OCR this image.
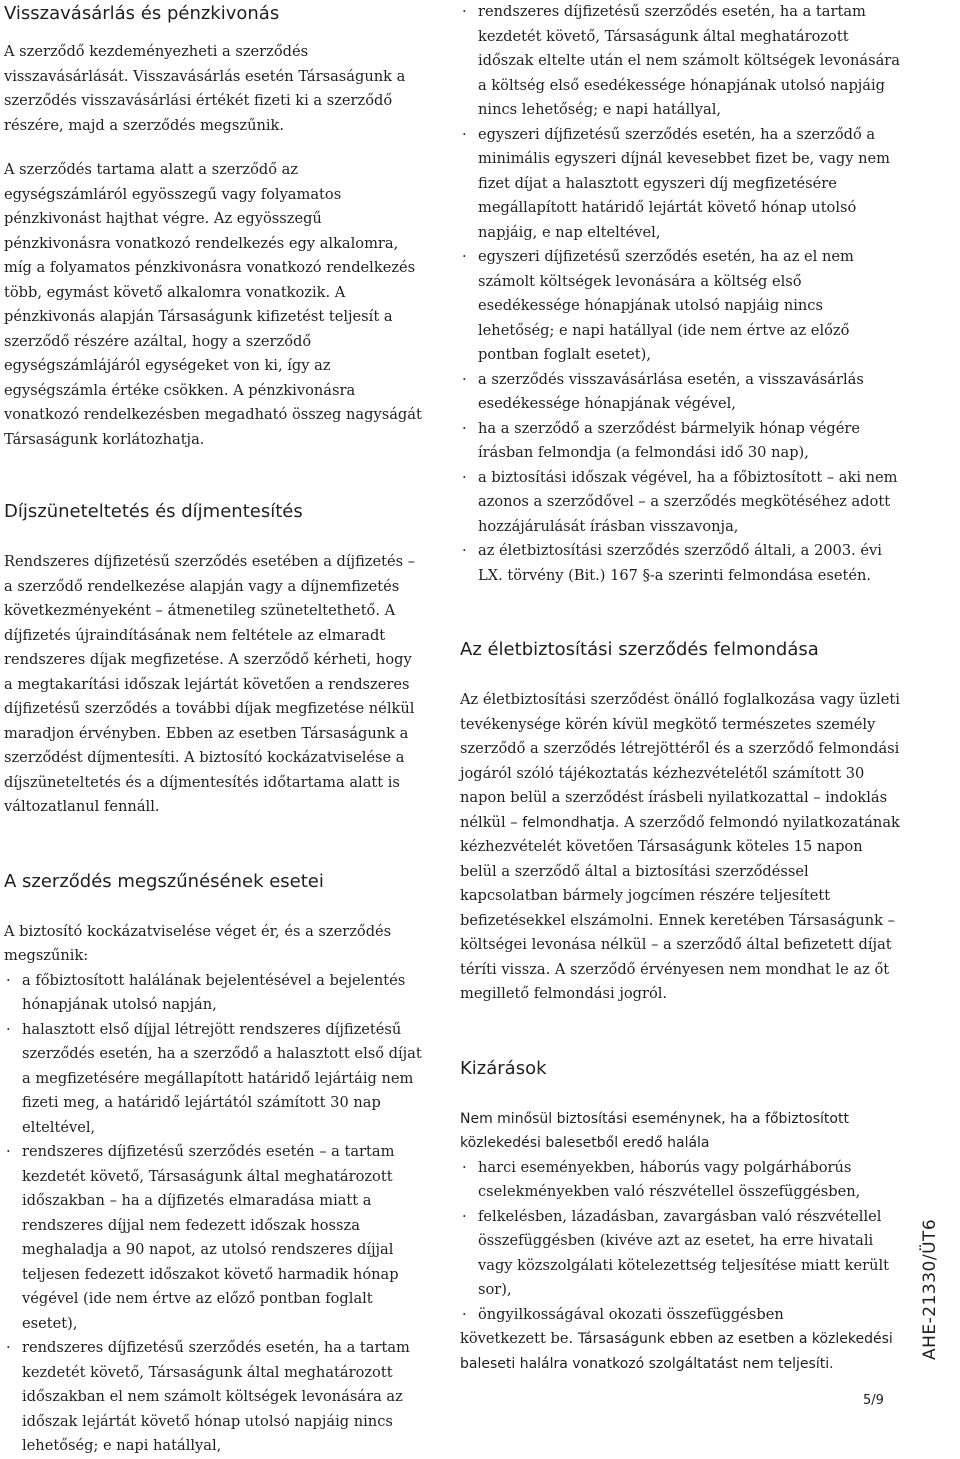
Visszavásárlás és pénzkivonás

A szerződő kezdeményezheti a szerződés visszavásárlását. Visszavásárlás esetén Társaságunk a szerződés visszavásárlási értékét fizeti ki a szerződő részére, majd a szerződés megszűnik.

A szerződés tartama alatt a szerződő az egységszámláról egyösszegű vagy folyamatos pénzkivonást hajthat végre. Az egyösszegű pénzkivonásra vonatkozó rendelkezés egy alkalomra, míg a folyamatos pénzkivonásra vonatkozó rendelkezés több, egymást követő alkalomra vonatkozik. A pénzkivonás alapján Társaságunk kifizetést teljesít a szerződő részére azáltal, hogy a szerződő egységszámlájáról egységeket von ki, így az egységszámla értéke csökken. A pénzkivonásra vonatkozó rendelkezésben megadható összeg nagyságát Társaságunk korlátozhatja.

Díjszüneteltetés és díjmentesítés

Rendszeres díjfizetésű szerződés esetében a díjfizetés – a szerződő rendelkezése alapján vagy a díjnemfizetés következményeként – átmenetileg szüneteltethető. A díjfizetés újraindításának nem feltétele az elmaradt rendszeres díjak megfizetése. A szerződő kérheti, hogy a megtakarítási időszak lejártát követően a rendszeres díjfizetésű szerződés a további díjak megfizetése nélkül maradjon érvényben. Ebben az esetben Társaságunk a szerződést díjmentesíti. A biztosító kockázatviselése a díjszüneteltetés és a díjmentesítés időtartama alatt is változatlanul fennáll.

A szerződés megszűnésének esetei

A biztosító kockázatviselése véget ér, és a szerződés megszűnik:

· a főbiztosított halálának bejelentésével a bejelentés hónapjának utolsó napján,
· halasztott első díjjal létrejött rendszeres díjfizetésű szerződés esetén, ha a szerződő a halasztott első díjat a megfizetésére megállapított határidő lejártáig nem fizeti meg, a határidő lejártától számított 30 nap elteltével,
· rendszeres díjfizetésű szerződés esetén – a tartam kezdetét követő, Társaságunk által meghatározott időszakban – ha a díjfizetés elmaradása miatt a rendszeres díjjal nem fedezett időszak hossza meghaladja a 90 napot, az utolsó rendszeres díjjal teljesen fedezett időszakot követő harmadik hónap végével (ide nem értve az előző pontban foglalt esetet),
· rendszeres díjfizetésű szerződés esetén, ha a tartam kezdetét követő, Társaságunk által meghatározott időszakban el nem számolt költségek levonására az időszak lejártát követő hónap utolsó napjáig nincs lehetőség; e napi hatállyal,
· rendszeres díjfizetésű szerződés esetén, ha a tartam kezdetét követő, Társaságunk által meghatározott időszak eltelte után el nem számolt költségek levonására a költség első esedékessége hónapjának utolsó napjáig nincs lehetőség; e napi hatállyal,
· egyszeri díjfizetésű szerződés esetén, ha a szerződő a minimális egyszeri díjnál kevesebbet fizet be, vagy nem fizet díjat a halasztott egyszeri díj megfizetésére megállapított határidő lejártát követő hónap utolsó napjáig, e nap elteltével,
· egyszeri díjfizetésű szerződés esetén, ha az el nem számolt költségek levonására a költség első esedékessége hónapjának utolsó napjáig nincs lehetőség; e napi hatállyal (ide nem értve az előző pontban foglalt esetet),
· a szerződés visszavásárlása esetén, a visszavásárlás esedékessége hónapjának végével,
· ha a szerződő a szerződést bármelyik hónap végére írásban felmondja (a felmondási idő 30 nap),
· a biztosítási időszak végével, ha a főbiztosított – aki nem azonos a szerződővel – a szerződés megkötéséhez adott hozzájárulását írásban visszavonja,
· az életbiztosítási szerződés szerződő általi, a 2003. évi LX. törvény (Bit.) 167 §-a szerinti felmondása esetén.
Az életbiztosítási szerződés felmondása

Az életbiztosítási szerződést önálló foglalkozása vagy üzleti tevékenysége körén kívül megkötő természetes személy szerződő a szerződés létrejöttéről és a szerződő felmondási jogáról szóló tájékoztatás kézhezvételétől számított 30 napon belül a szerződést írásbeli nyilatkozattal – indoklás nélkül – felmondhatja. A szerződő felmondó nyilatkozatának kézhezvételét követően Társaságunk köteles 15 napon belül a szerződő által a biztosítási szerződéssel kapcsolatban bármely jogcímen részére teljesített befizetésekkel elszámolni. Ennek keretében Társaságunk – költségei levonása nélkül – a szerződő által befizetett díjat téríti vissza. A szerződő érvényesen nem mondhat le az őt megillető felmondási jogról.

Kizárások

Nem minősül biztosítási eseménynek, ha a főbiztosított közlekedési balesetből eredő halála

· harci eseményekben, háborús vagy polgárháborús cselekményekben való részvétellel összefüggésben,
· felkelésben, lázadásban, zavargásban való részvétellel összefüggésben (kivéve azt az esetet, ha erre hivatali vagy közszolgálati kötelezettség teljesítése miatt került sor),
· öngyilkosságával okozati összefüggésben

következett be. Társaságunk ebben az esetben a közlekedési baleseti halálra vonatkozó szolgáltatást nem teljesíti.

AHE-21330/ÜT6
5/9
